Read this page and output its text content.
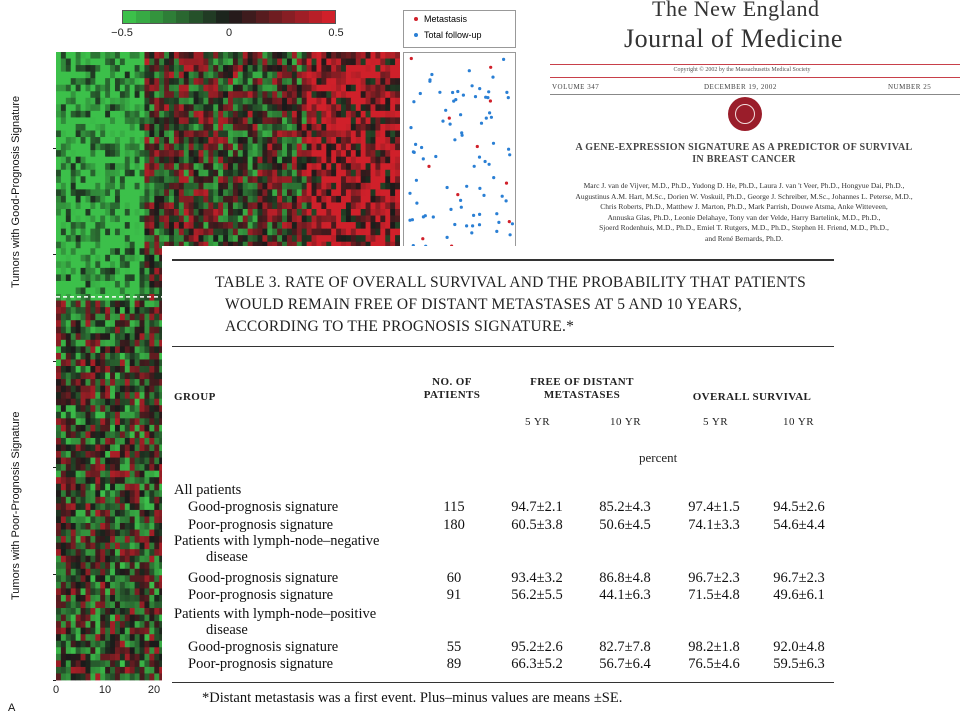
−0.5	0	0.5
Tumors with Good-Prognosis Signature
Tumors with Poor-Prognosis Signature
A
0	10	20
Metastasis
Total follow-up
The New England
Journal of Medicine
Copyright © 2002 by the Massachusetts Medical Society
VOLUME 347	DECEMBER 19, 2002	NUMBER 25
A GENE-EXPRESSION SIGNATURE AS A PREDICTOR OF SURVIVAL
IN BREAST CANCER
Marc J. van de Vijver, M.D., Ph.D., Yudong D. He, Ph.D., Laura J. van 't Veer, Ph.D., Hongyue Dai, Ph.D.,
Augustinus A.M. Hart, M.Sc., Dorien W. Voskuil, Ph.D., George J. Schreiber, M.Sc., Johannes L. Peterse, M.D.,
Chris Roberts, Ph.D., Matthew J. Marton, Ph.D., Mark Parrish, Douwe Atsma, Anke Witteveen,
Annuska Glas, Ph.D., Leonie Delahaye, Tony van der Velde, Harry Bartelink, M.D., Ph.D.,
Sjoerd Rodenhuis, M.D., Ph.D., Emiel T. Rutgers, M.D., Ph.D., Stephen H. Friend, M.D., Ph.D.,
and René Bernards, Ph.D.
TABLE 3. RATE OF OVERALL SURVIVAL AND THE PROBABILITY THAT PATIENTS
WOULD REMAIN FREE OF DISTANT METASTASES AT 5 AND 10 YEARS,
ACCORDING TO THE PROGNOSIS SIGNATURE.*
GROUP
NO. OF
PATIENTS
FREE OF DISTANT
METASTASES	OVERALL SURVIVAL
5 YR	10 YR	5 YR	10 YR
percent
All patients
Good-prognosis signature	115	94.7±2.1	85.2±4.3	97.4±1.5 94.5±2.6
Poor-prognosis signature	180	60.5±3.8	50.6±4.5	74.1±3.3 54.6±4.4
Patients with lymph-node–negative
disease
Good-prognosis signature	60	93.4±3.2	86.8±4.8	96.7±2.3 96.7±2.3
Poor-prognosis signature	91	56.2±5.5	44.1±6.3	71.5±4.8 49.6±6.1
Patients with lymph-node–positive
disease
Good-prognosis signature	55	95.2±2.6	82.7±7.8	98.2±1.8 92.0±4.8
Poor-prognosis signature	89	66.3±5.2	56.7±6.4	76.5±4.6 59.5±6.3
*Distant metastasis was a first event. Plus–minus values are means ±SE.
